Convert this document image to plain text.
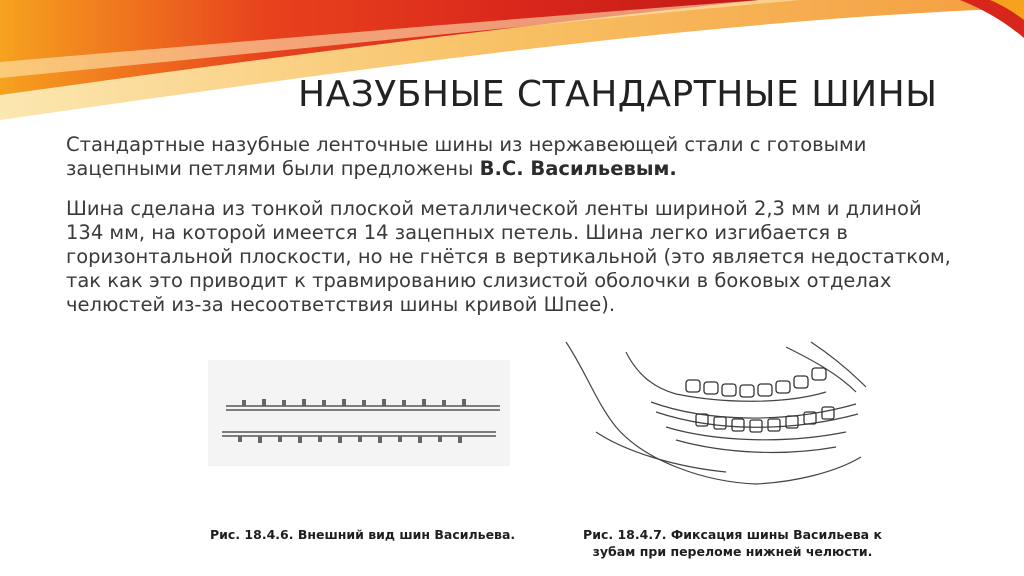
НАЗУБНЫЕ СТАНДАРТНЫЕ ШИНЫ
Стандартные назубные ленточные шины из нержавеющей стали с готовыми зацепными петлями были предложены В.С. Васильевым.
Шина сделана из тонкой плоской металлической ленты шириной 2,3 мм и длиной 134 мм, на которой имеется 14 зацепных петель. Шина легко изгибается в горизонтальной плоскости, но не гнётся в вертикальной (это является недостатком, так как это приводит к травмированию слизистой оболочки в боковых отделах челюстей из-за несоответствия шины кривой Шпее).
Рис. 18.4.6. Внешний вид шин Васильева.	Рис. 18.4.7. Фиксация шины Васильева к
зубам при переломе нижней челюсти.
